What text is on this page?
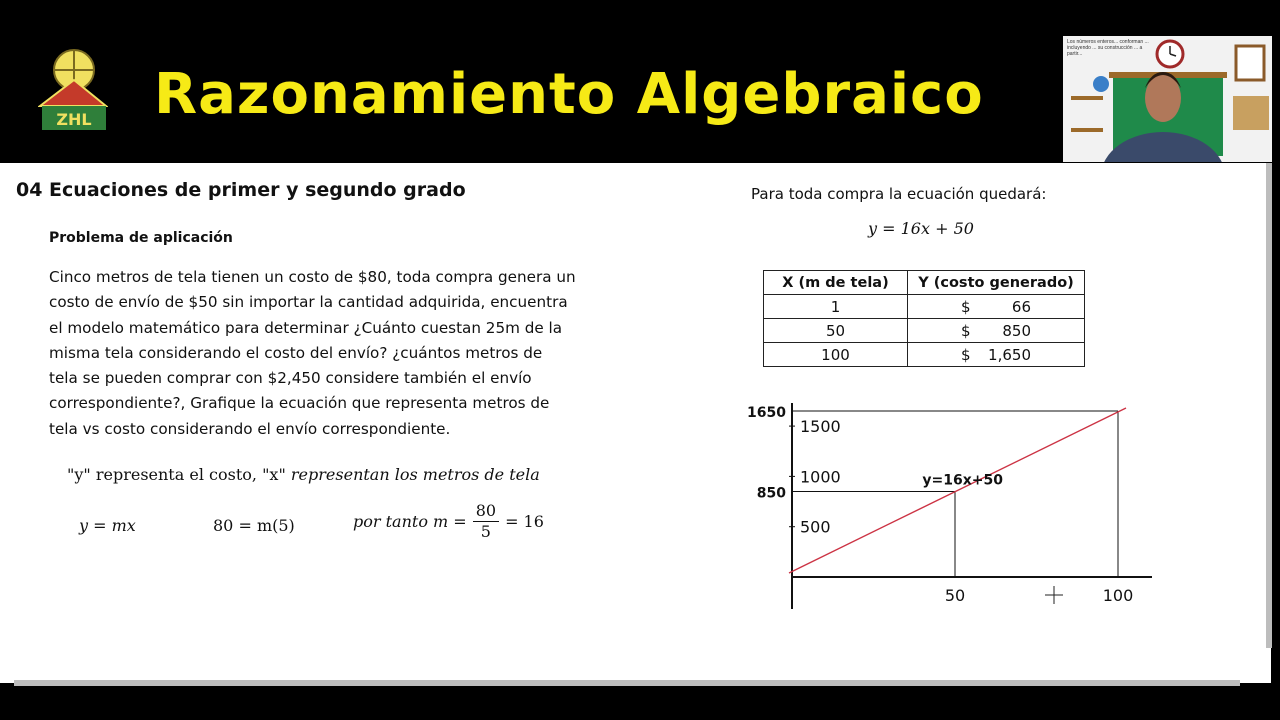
ZHL Razonamiento Algebraico

Los números enteros... conforman ... incluyendo ... su construcción ... a partir...

04 Ecuaciones de primer y segundo grado
Problema de aplicación

Cinco metros de tela tienen un costo de $80, toda compra genera un
costo de envío de $50 sin importar la cantidad adquirida, encuentra
el modelo matemático para determinar ¿Cuánto cuestan 25m de la
misma tela considerando el costo del envío? ¿cuántos metros de
tela se pueden comprar con $2,450 considere también el envío
correspondiente?, Grafique la ecuación que representa metros de
tela vs costo considerando el envío correspondiente.

"y" representa el costo, "x" representan los metros de tela
y = mx	80 = m(5)	por tanto $m = \frac{80}{5} = 16$

Para toda compra la ecuación quedará:

y = 16x + 50
X (m de tela)	Y (costo generado)
1	$ 66

50	$ 850

100	$ 1,650
500
1000
1500
850
1650
50	100
y=16x+50
